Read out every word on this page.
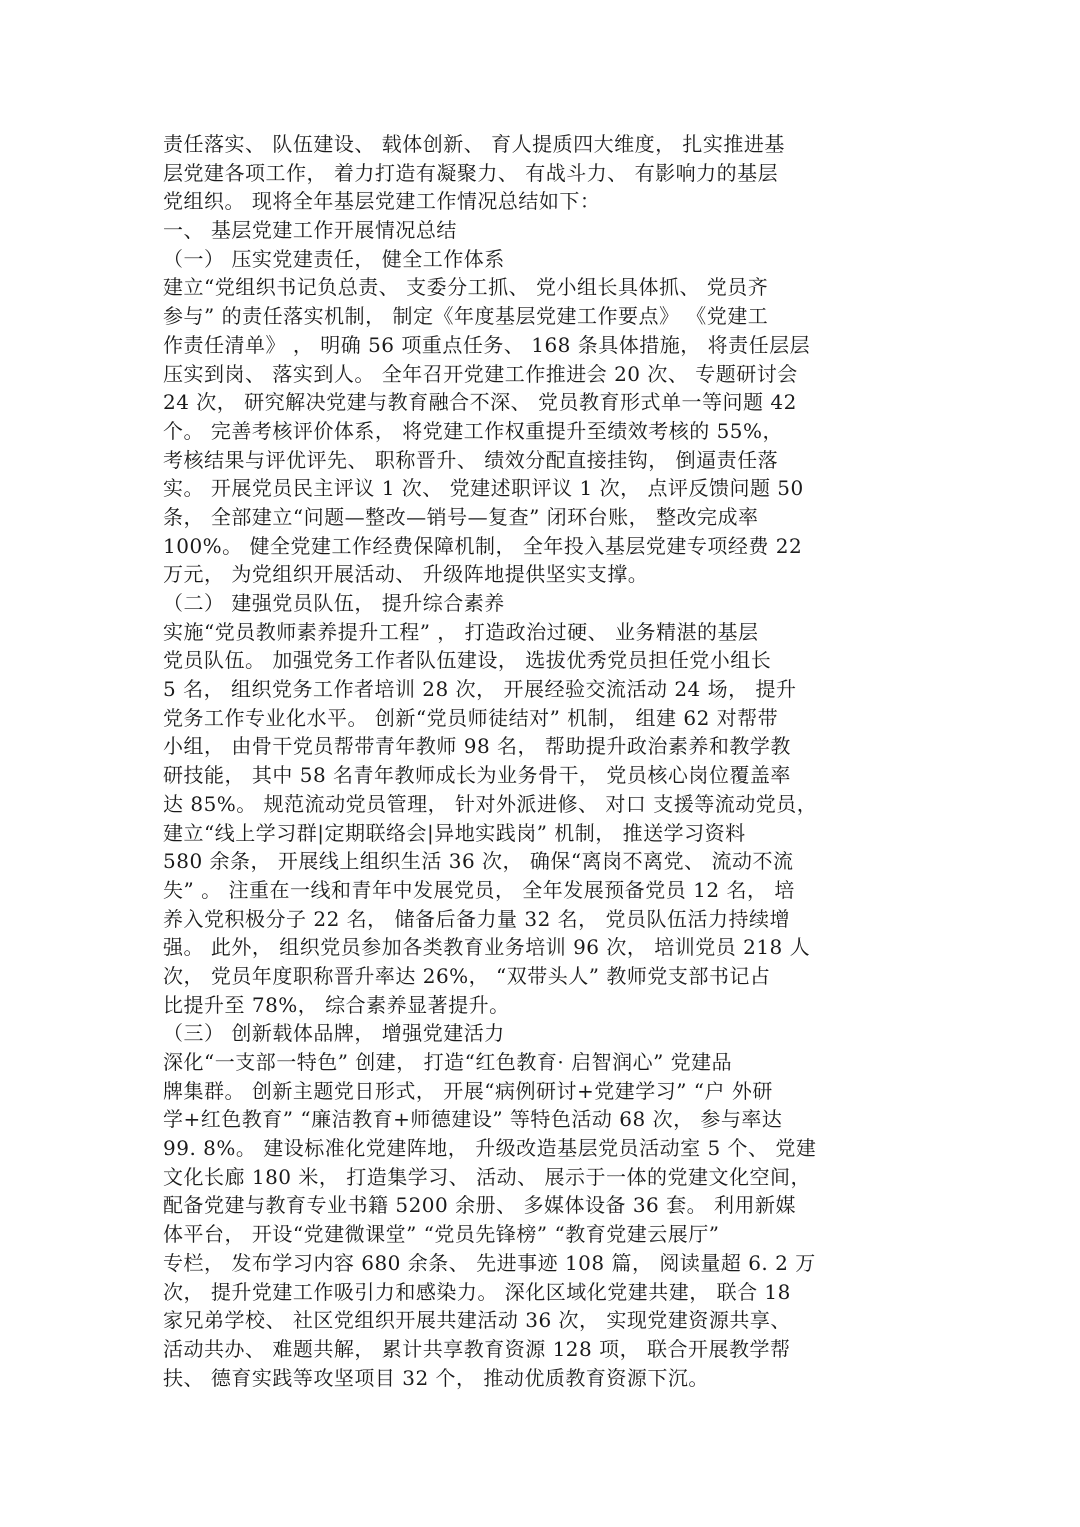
责任落实、 队伍建设、 载体创新、 育人提质四大维度， 扎实推进基
层党建各项工作， 着力打造有凝聚力、 有战斗力、 有影响力的基层
党组织。 现将全年基层党建工作情况总结如下：
一、 基层党建工作开展情况总结
（一） 压实党建责任， 健全工作体系
建立“党组织书记负总责、 支委分工抓、 党小组长具体抓、 党员齐
参与” 的责任落实机制， 制定《年度基层党建工作要点》 《党建工
作责任清单》 ， 明确 56 项重点任务、 168 条具体措施， 将责任层层
压实到岗、 落实到人。 全年召开党建工作推进会 20 次、 专题研讨会
24 次， 研究解决党建与教育融合不深、 党员教育形式单一等问题 42
个。 完善考核评价体系， 将党建工作权重提升至绩效考核的 55%，
考核结果与评优评先、 职称晋升、 绩效分配直接挂钩， 倒逼责任落
实。 开展党员民主评议 1 次、 党建述职评议 1 次， 点评反馈问题 50
条， 全部建立“问题—整改—销号—复查” 闭环台账， 整改完成率
100%。 健全党建工作经费保障机制， 全年投入基层党建专项经费 22
万元， 为党组织开展活动、 升级阵地提供坚实支撑。
（二） 建强党员队伍， 提升综合素养
实施“党员教师素养提升工程” ， 打造政治过硬、 业务精湛的基层
党员队伍。 加强党务工作者队伍建设， 选拔优秀党员担任党小组长
5 名， 组织党务工作者培训 28 次， 开展经验交流活动 24 场， 提升
党务工作专业化水平。 创新“党员师徒结对” 机制， 组建 62 对帮带
小组， 由骨干党员帮带青年教师 98 名， 帮助提升政治素养和教学教
研技能， 其中 58 名青年教师成长为业务骨干， 党员核心岗位覆盖率
达 85%。 规范流动党员管理， 针对外派进修、 对口 支援等流动党员，
建立“线上学习群|定期联络会|异地实践岗” 机制， 推送学习资料
580 余条， 开展线上组织生活 36 次， 确保“离岗不离党、 流动不流
失” 。 注重在一线和青年中发展党员， 全年发展预备党员 12 名， 培
养入党积极分子 22 名， 储备后备力量 32 名， 党员队伍活力持续增
强。 此外， 组织党员参加各类教育业务培训 96 次， 培训党员 218 人
次， 党员年度职称晋升率达 26%， “双带头人” 教师党支部书记占
比提升至 78%， 综合素养显著提升。
（三） 创新载体品牌， 增强党建活力
深化“一支部一特色” 创建， 打造“红色教育· 启智润心” 党建品
牌集群。 创新主题党日形式， 开展“病例研讨+党建学习” “户 外研
学+红色教育” “廉洁教育+师德建设” 等特色活动 68 次， 参与率达
99. 8%。 建设标准化党建阵地， 升级改造基层党员活动室 5 个、 党建
文化长廊 180 米， 打造集学习、 活动、 展示于一体的党建文化空间，
配备党建与教育专业书籍 5200 余册、 多媒体设备 36 套。 利用新媒
体平台， 开设“党建微课堂” “党员先锋榜” “教育党建云展厅”
专栏， 发布学习内容 680 余条、 先进事迹 108 篇， 阅读量超 6. 2 万
次， 提升党建工作吸引力和感染力。 深化区域化党建共建， 联合 18
家兄弟学校、 社区党组织开展共建活动 36 次， 实现党建资源共享、
活动共办、 难题共解， 累计共享教育资源 128 项， 联合开展教学帮
扶、 德育实践等攻坚项目 32 个， 推动优质教育资源下沉。
